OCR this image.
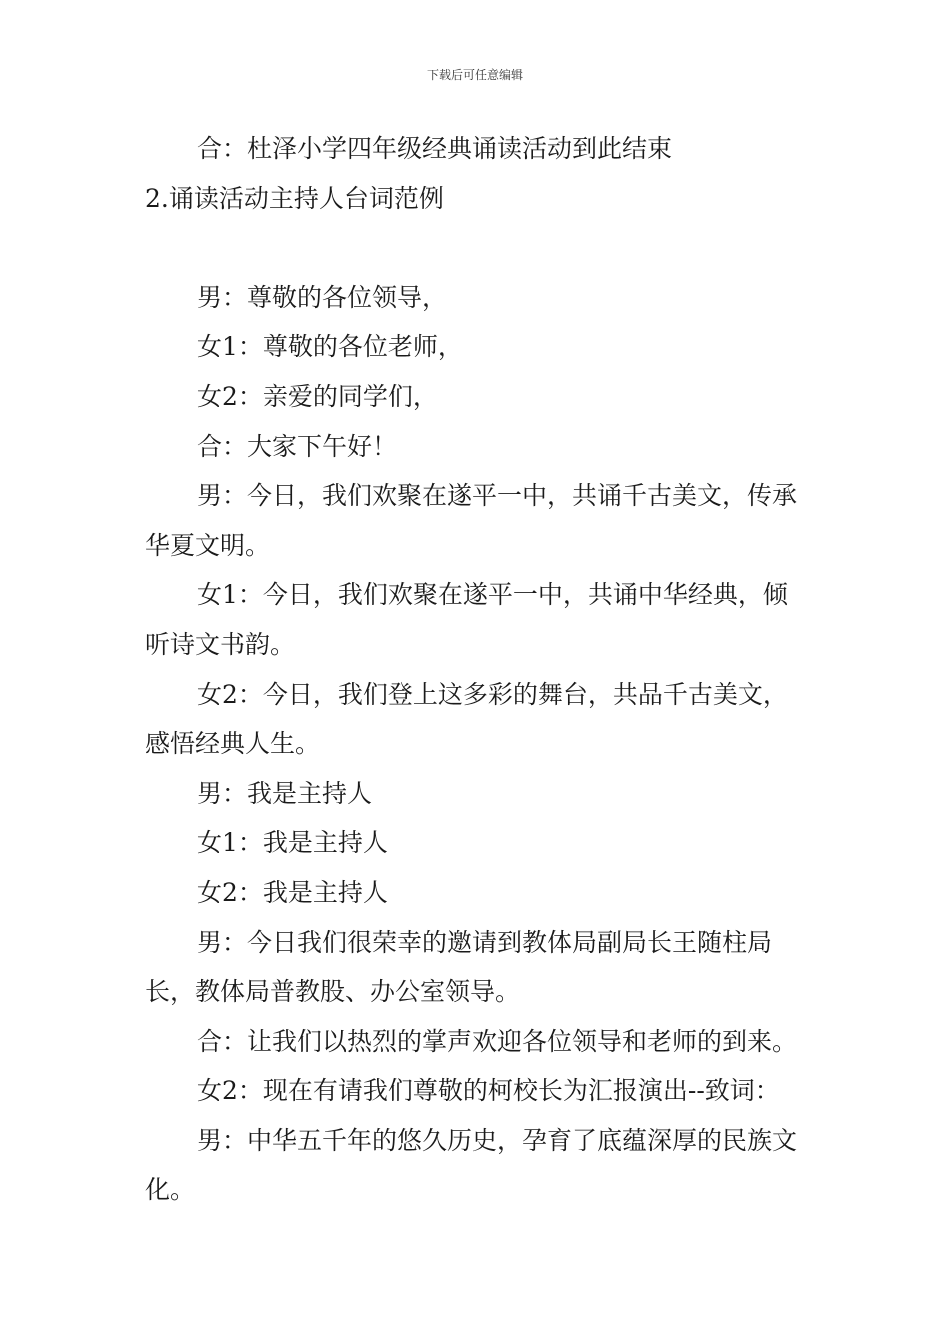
下载后可任意编辑

合：杜泽小学四年级经典诵读活动到此结束

2.诵读活动主持人台词范例

男：尊敬的各位领导，

女1：尊敬的各位老师，

女2：亲爱的同学们，

合：大家下午好！

男：今日，我们欢聚在遂平一中，共诵千古美文，传承华夏文明。

女1：今日，我们欢聚在遂平一中，共诵中华经典，倾听诗文书韵。

女2：今日，我们登上这多彩的舞台，共品千古美文，感悟经典人生。

男：我是主持人

女1：我是主持人

女2：我是主持人

男：今日我们很荣幸的邀请到教体局副局长王随柱局长，教体局普教股、办公室领导。

合：让我们以热烈的掌声欢迎各位领导和老师的到来。

女2：现在有请我们尊敬的柯校长为汇报演出--致词：

男：中华五千年的悠久历史，孕育了底蕴深厚的民族文化。
